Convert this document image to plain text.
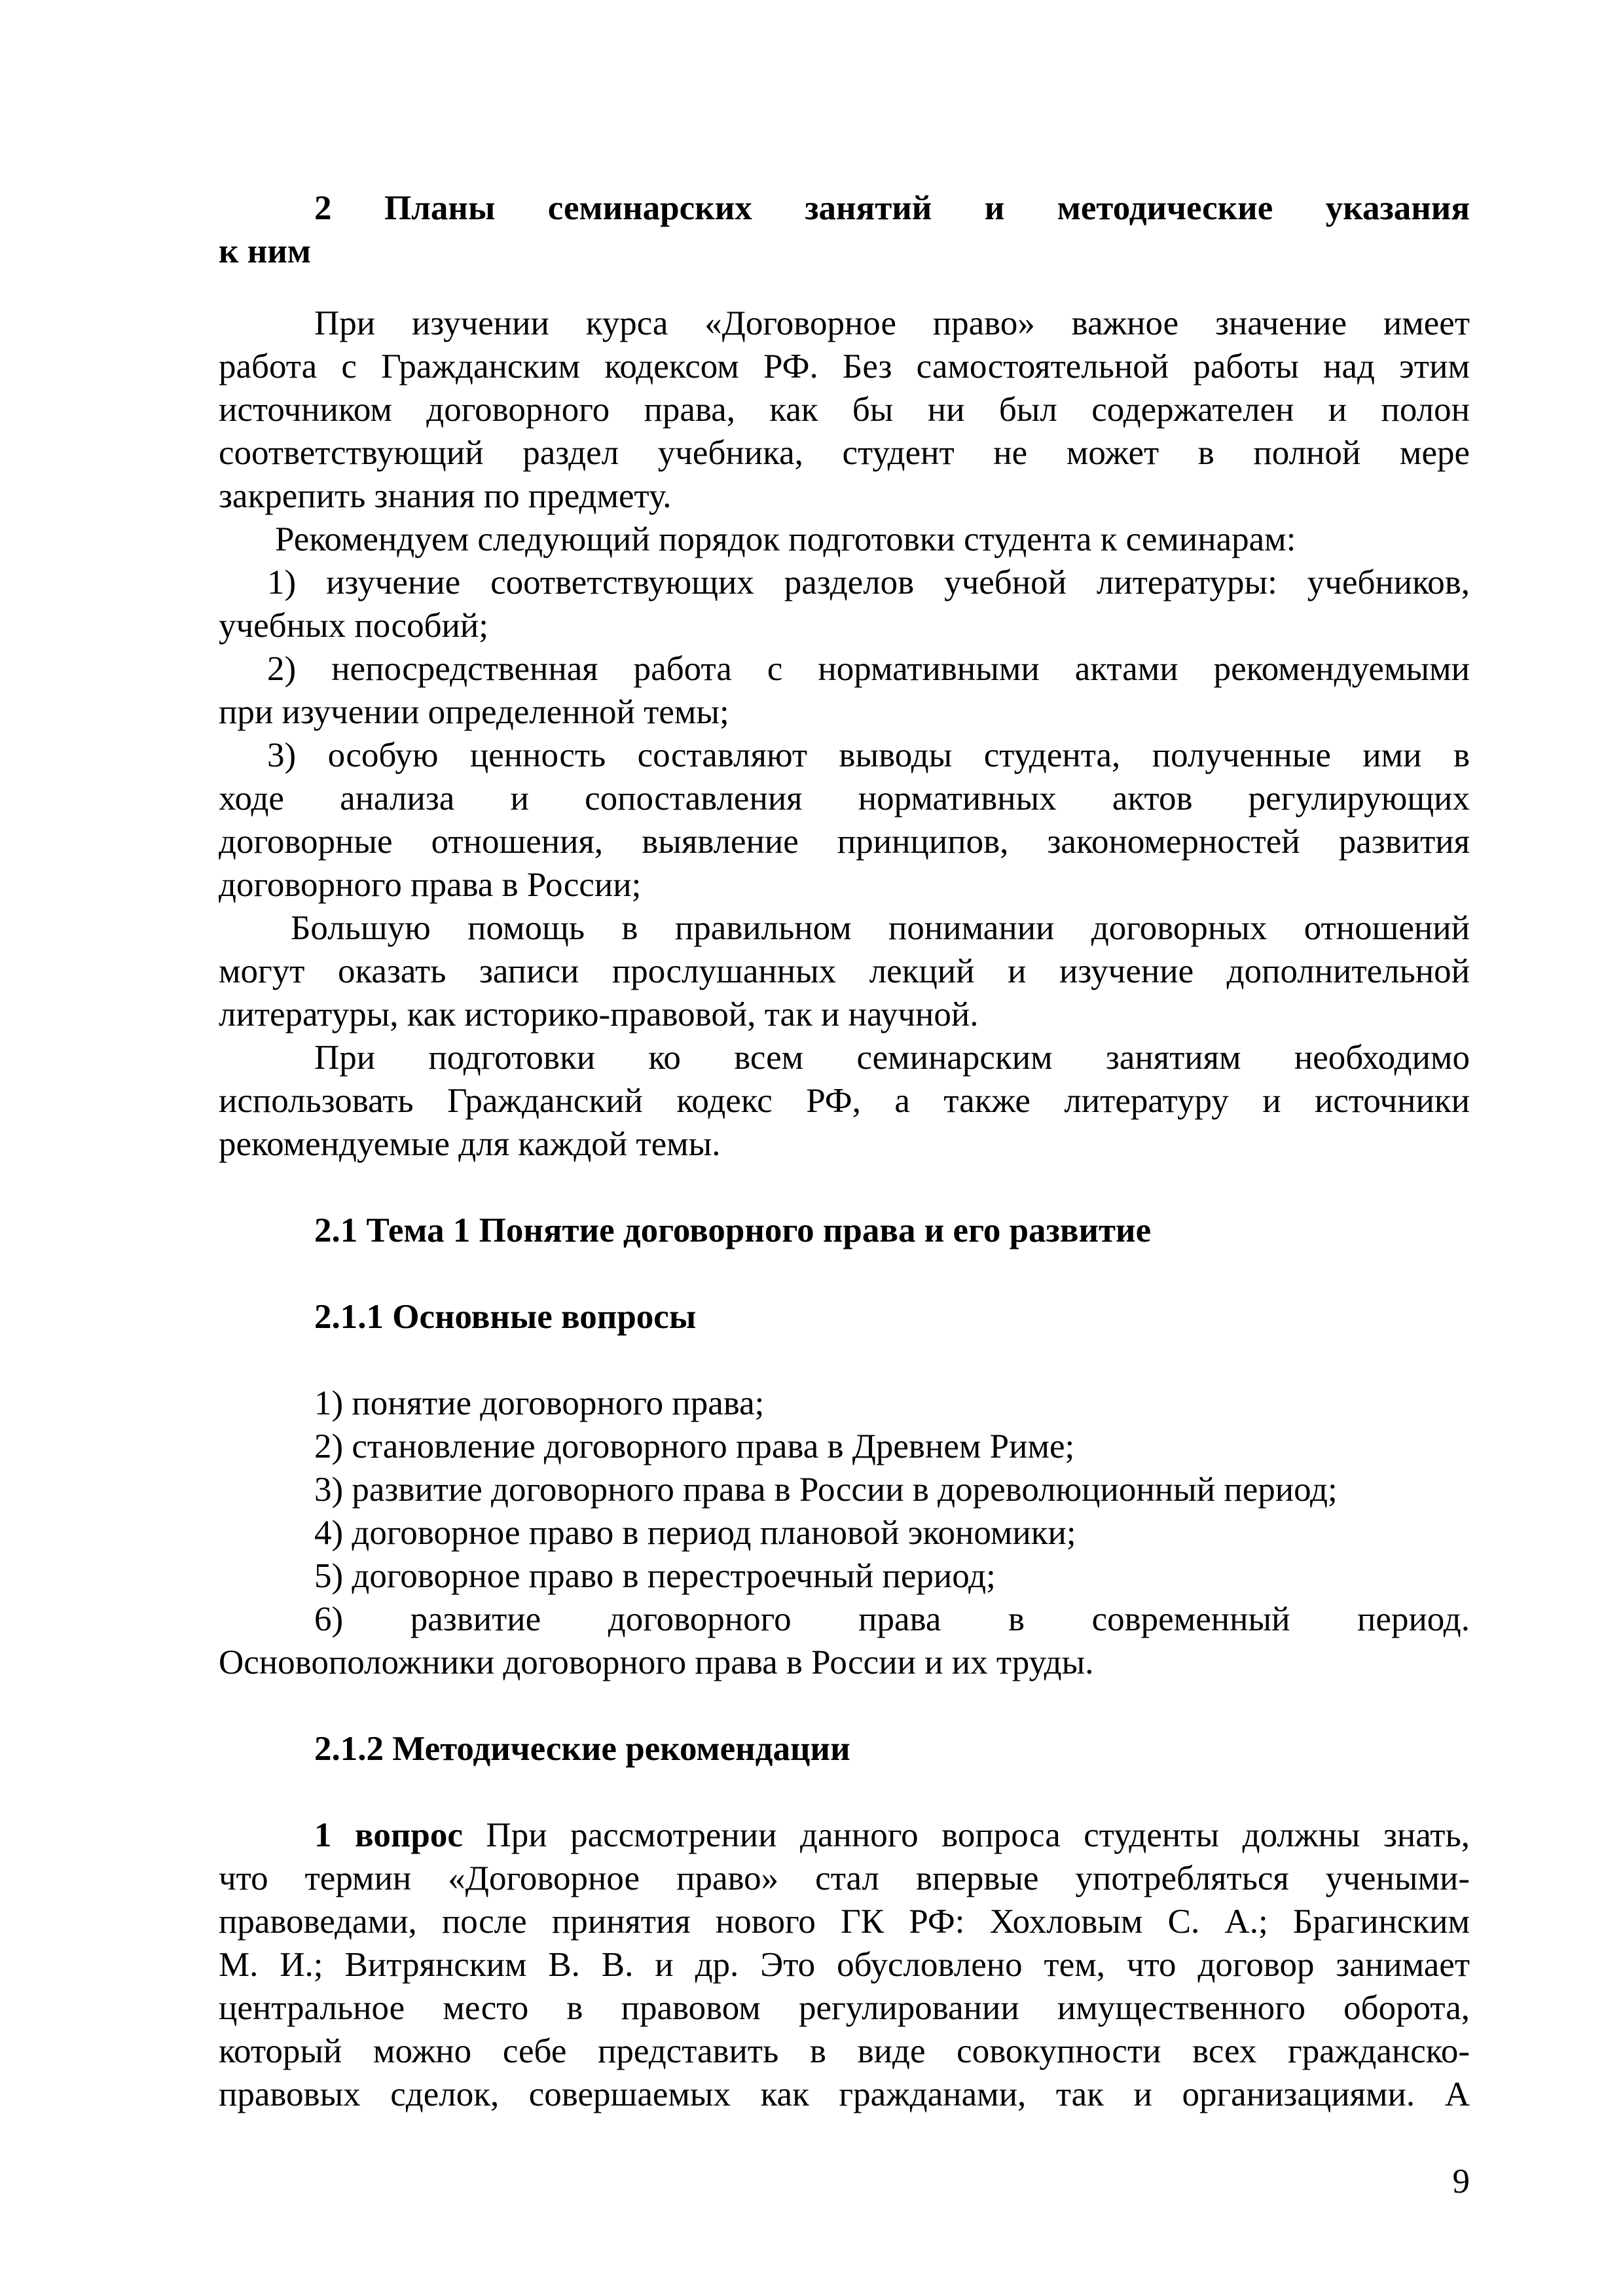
2 Планы семинарских занятий и методические указания
к ним
При изучении курса «Договорное право» важное значение имеет
работа с Гражданским кодексом РФ. Без самостоятельной работы над этим
источником договорного права, как бы ни был содержателен и полон
соответствующий раздел учебника, студент не может в полной мере
закрепить знания по предмету.
Рекомендуем следующий порядок подготовки студента к семинарам:
1) изучение соответствующих разделов учебной литературы: учебников,
учебных пособий;
2) непосредственная работа с нормативными актами рекомендуемыми
при изучении определенной темы;
3) особую ценность составляют выводы студента, полученные ими в
ходе анализа и сопоставления нормативных актов регулирующих
договорные отношения, выявление принципов, закономерностей развития
договорного права в России;
Большую помощь в правильном понимании договорных отношений
могут оказать записи прослушанных лекций и изучение дополнительной
литературы, как историко-правовой, так и научной.
При подготовки ко всем семинарским занятиям необходимо
использовать Гражданский кодекс РФ, а также литературу и источники
рекомендуемые для каждой темы.
2.1 Тема 1 Понятие договорного права и его развитие
2.1.1 Основные вопросы
1) понятие договорного права;
2) становление договорного права в Древнем Риме;
3) развитие договорного права в России в дореволюционный период;
4) договорное право в период плановой экономики;
5) договорное право в перестроечный период;
6) развитие договорного права в современный период.
Основоположники договорного права в России и их труды.
2.1.2 Методические рекомендации
1 вопрос При рассмотрении данного вопроса студенты должны знать,
что термин «Договорное право» стал впервые употребляться учеными-
правоведами, после принятия нового ГК РФ: Хохловым С. А.; Брагинским
М. И.; Витрянским В. В. и др. Это обусловлено тем, что договор занимает
центральное место в правовом регулировании имущественного оборота,
который можно себе представить в виде совокупности всех гражданско-
правовых сделок, совершаемых как гражданами, так и организациями. А
9
